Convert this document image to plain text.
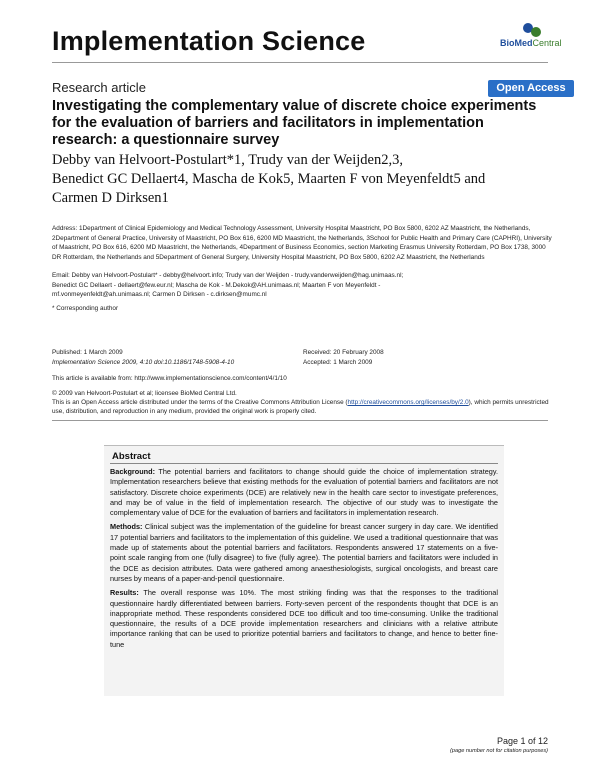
Implementation Science	BioMedCentral
Research article	Open Access
Investigating the complementary value of discrete choice experiments for the evaluation of barriers and facilitators in implementation research: a questionnaire survey
Debby van Helvoort-Postulart*1, Trudy van der Weijden2,3,
Benedict GC Dellaert4, Mascha de Kok5, Maarten F von Meyenfeldt5 and
Carmen D Dirksen1
Address: 1Department of Clinical Epidemiology and Medical Technology Assessment, University Hospital Maastricht, PO Box 5800, 6202 AZ Maastricht, the Netherlands, 2Department of General Practice, University of Maastricht, PO Box 616, 6200 MD Maastricht, the Netherlands, 3School for Public Health and Primary Care (CAPHRI), University of Maastricht, PO Box 616, 6200 MD Maastricht, the Netherlands, 4Department of Business Economics, section Marketing Erasmus University Rotterdam, PO Box 1738, 3000 DR Rotterdam, the Netherlands and 5Department of General Surgery, University Hospital Maastricht, PO Box 5800, 6202 AZ Maastricht, the Netherlands
Email: Debby van Helvoort-Postulart* - debby@helvoort.info; Trudy van der Weijden - trudy.vanderweijden@hag.unimaas.nl; Benedict GC Dellaert - dellaert@few.eur.nl; Mascha de Kok - M.Dekok@AH.unimaas.nl; Maarten F von Meyenfeldt - mf.vonmeyenfeldt@ah.unimaas.nl; Carmen D Dirksen - c.dirksen@mumc.nl
* Corresponding author
Published: 1 March 2009
Implementation Science 2009, 4:10 doi:10.1186/1748-5908-4-10
Received: 20 February 2008
Accepted: 1 March 2009
This article is available from: http://www.implementationscience.com/content/4/1/10
© 2009 van Helvoort-Postulart et al; licensee BioMed Central Ltd.
This is an Open Access article distributed under the terms of the Creative Commons Attribution License (http://creativecommons.org/licenses/by/2.0), which permits unrestricted use, distribution, and reproduction in any medium, provided the original work is properly cited.
Abstract

Background: The potential barriers and facilitators to change should guide the choice of implementation strategy. Implementation researchers believe that existing methods for the evaluation of potential barriers and facilitators are not satisfactory. Discrete choice experiments (DCE) are relatively new in the health care sector to investigate preferences, and may be of value in the field of implementation research. The objective of our study was to investigate the complementary value of DCE for the evaluation of barriers and facilitators in implementation research.

Methods: Clinical subject was the implementation of the guideline for breast cancer surgery in day care. We identified 17 potential barriers and facilitators to the implementation of this guideline. We used a traditional questionnaire that was made up of statements about the potential barriers and facilitators. Respondents answered 17 statements on a five-point scale ranging from one (fully disagree) to five (fully agree). The potential barriers and facilitators were included in the DCE as decision attributes. Data were gathered among anaesthesiologists, surgical oncologists, and breast care nurses by means of a paper-and-pencil questionnaire.

Results: The overall response was 10%. The most striking finding was that the responses to the traditional questionnaire hardly differentiated between barriers. Forty-seven percent of the respondents thought that DCE is an inappropriate method. These respondents considered DCE too difficult and too time-consuming. Unlike the traditional questionnaire, the results of a DCE provide implementation researchers and clinicians with a relative attribute importance ranking that can be used to prioritize potential barriers and facilitators to change, and hence to better fine-tune

Page 1 of 12
(page number not for citation purposes)
